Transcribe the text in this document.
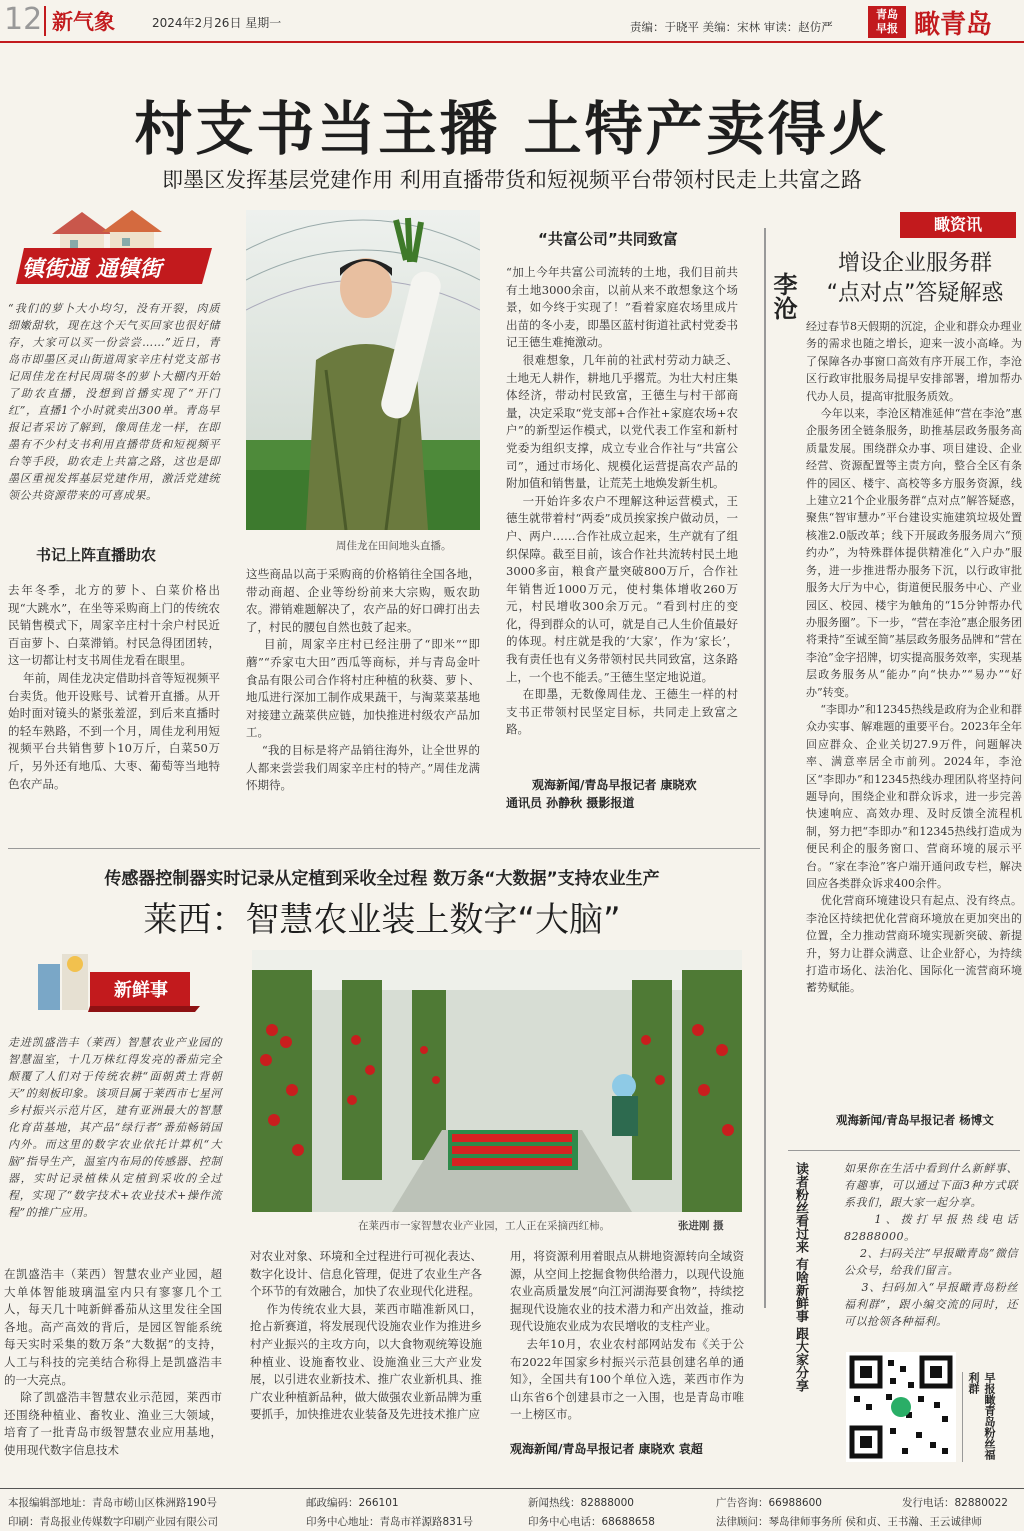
12 新气象	2024年2月26日 星期一	责编：于晓平 美编：宋林 审读：赵仿严
青岛
早报 瞰青岛
村支书当主播 土特产卖得火
即墨区发挥基层党建作用 利用直播带货和短视频平台带领村民走上共富之路
镇街通 通镇街
“我们的萝卜大小均匀，没有开裂，肉质细嫩甜软，现在这个天气买回家也很好储存，大家可以买一份尝尝……”近日，青岛市即墨区灵山街道周家辛庄村党支部书记周佳龙在村民周瑞冬的萝卜大棚内开始了助农直播，没想到首播实现了“开门红”，直播1个小时就卖出300单。青岛早报记者采访了解到，像周佳龙一样，在即墨有不少村支书利用直播带货和短视频平台等手段，助农走上共富之路，这也是即墨区重视发挥基层党建作用，激活党建统领公共资源带来的可喜成果。
书记上阵直播助农
去年冬季，北方的萝卜、白菜价格出现“大跳水”，在坐等采购商上门的传统农民销售模式下，周家辛庄村十余户村民近百亩萝卜、白菜滞销。村民急得团团转，这一切都让村支书周佳龙看在眼里。
年前，周佳龙决定借助抖音等短视频平台卖货。他开设账号、试着开直播。从开始时面对镜头的紧张羞涩，到后来直播时的轻车熟路，不到一个月，周佳龙利用短视频平台共销售萝卜10万斤，白菜50万斤，另外还有地瓜、大枣、葡萄等当地特色农产品。
周佳龙在田间地头直播。
这些商品以高于采购商的价格销往全国各地，带动商超、企业等纷纷前来大宗购，贩农助农。滞销难题解决了，农产品的好口碑打出去了，村民的腰包自然也鼓了起来。
目前，周家辛庄村已经注册了“即米”“即蘑”“乔家屯大田”西瓜等商标，并与青岛金叶食品有限公司合作将村庄种植的秋葵、萝卜、地瓜进行深加工制作成果蔬干，与淘菜菜基地对接建立蔬菜供应链，加快推进村级农产品加工。
“我的目标是将产品销往海外，让全世界的人都来尝尝我们周家辛庄村的特产。”周佳龙满怀期待。
“共富公司”共同致富
“加上今年共富公司流转的土地，我们目前共有土地3000余亩，以前从来不敢想象这个场景，如今终于实现了！”看着家庭农场里成片出苗的冬小麦，即墨区蓝村街道社武村党委书记王德生难掩激动。
很难想象，几年前的社武村劳动力缺乏、土地无人耕作，耕地几乎撂荒。为壮大村庄集体经济，带动村民致富，王德生与村干部商量，决定采取“党支部+合作社+家庭农场+农户”的新型运作模式，以党代表工作室和新村党委为组织支撑，成立专业合作社与“共富公司”，通过市场化、规模化运营提高农产品的附加值和销售量，让荒芜土地焕发新生机。
一开始许多农户不理解这种运营模式，王德生就带着村“两委”成员挨家挨户做动员，一户、两户……合作社成立起来，生产就有了组织保障。截至目前，该合作社共流转村民土地3000多亩，粮食产量突破800万斤，合作社年销售近1000万元，使村集体增收260万元，村民增收300余万元。“看到村庄的变化，得到群众的认可，就是自己人生价值最好的体现。村庄就是我的‘大家’，作为‘家长’，我有责任也有义务带领村民共同致富，这条路上，一个也不能丢。”王德生坚定地说道。
在即墨，无数像周佳龙、王德生一样的村支书正带领村民坚定目标，共同走上致富之路。
观海新闻/青岛早报记者 康晓欢
通讯员 孙静秋 摄影报道
瞰资讯
李沧
增设企业服务群
“点对点”答疑解惑
经过春节8天假期的沉淀，企业和群众办理业务的需求也随之增长，迎来一波小高峰。为了保障各办事窗口高效有序开展工作，李沧区行政审批服务局提早安排部署，增加帮办代办人员，提高审批服务质效。
今年以来，李沧区精准延伸“营在李沧”惠企服务团全链条服务，助推基层政务服务高质量发展。围绕群众办事、项目建设、企业经营、资源配置等主责方向，整合全区有条件的园区、楼宇、高校等多方服务资源，线上建立21个企业服务群“点对点”解答疑惑，聚焦“智审慧办”平台建设实施建筑垃圾处置核准2.0版改革；线下开展政务服务周六“预约办”，为特殊群体提供精准化“入户办”服务，进一步推进帮办服务下沉，以行政审批服务大厅为中心，街道便民服务中心、产业园区、校园、楼宇为触角的“15分钟帮办代办服务圈”。下一步，“营在李沧”惠企服务团将秉持“至诚至简”基层政务服务品牌和“营在李沧”金字招牌，切实提高服务效率，实现基层政务服务从“能办”向“快办”“易办”“好办”转变。
“李即办”和12345热线是政府为企业和群众办实事、解难题的重要平台。2023年全年回应群众、企业关切27.9万件，问题解决率、满意率居全市前列。2024年，李沧区“李即办”和12345热线办理团队将坚持问题导向，围绕企业和群众诉求，进一步完善快速响应、高效办理、及时反馈全流程机制，努力把“李即办”和12345热线打造成为便民利企的服务窗口、营商环境的展示平台。“家在李沧”客户端开通问政专栏，解决回应各类群众诉求400余件。
优化营商环境建设只有起点、没有终点。李沧区持续把优化营商环境放在更加突出的位置，全力推动营商环境实现新突破、新提升，努力让群众满意、让企业舒心，为持续打造市场化、法治化、国际化一流营商环境蓄势赋能。
观海新闻/青岛早报记者 杨博文
传感器控制器实时记录从定植到采收全过程 数万条“大数据”支持农业生产
莱西：智慧农业装上数字“大脑”
新鲜事
走进凯盛浩丰（莱西）智慧农业产业园的智慧温室，十几万株红得发亮的番茄完全颠覆了人们对于传统农耕“面朝黄土背朝天”的刻板印象。该项目属于莱西市七星河乡村振兴示范片区，建有亚洲最大的智慧化育苗基地，其产品“绿行者”番茄畅销国内外。而这里的数字农业依托计算机“大脑”指导生产，温室内布局的传感器、控制器，实时记录植株从定植到采收的全过程，实现了“数字技术+农业技术+操作流程”的推广应用。
在莱西市一家智慧农业产业园，工人正在采摘西红柿。	张进刚 摄
在凯盛浩丰（莱西）智慧农业产业园，超大单体智能玻璃温室内只有寥寥几个工人，每天几十吨新鲜番茄从这里发往全国各地。高产高效的背后，是园区智能系统每天实时采集的数万条“大数据”的支持，人工与科技的完美结合称得上是凯盛浩丰的一大亮点。
除了凯盛浩丰智慧农业示范园，莱西市还围绕种植业、畜牧业、渔业三大领域，培育了一批青岛市级智慧农业应用基地，使用现代数字信息技术
对农业对象、环境和全过程进行可视化表达、数字化设计、信息化管理，促进了农业生产各个环节的有效融合，加快了农业现代化进程。
作为传统农业大县，莱西市瞄准新风口，抢占新赛道，将发展现代设施农业作为推进乡村产业振兴的主攻方向，以大食物观统筹设施种植业、设施畜牧业、设施渔业三大产业发展，以引进农业新技术、推广农业新机具、推广农业种植新品种，做大做强农业新品牌为重要抓手，加快推进农业装备及先进技术推广应
用，将资源利用着眼点从耕地资源转向全域资源，从空间上挖掘食物供给潜力，以现代设施农业高质量发展“向江河湖海要食物”，持续挖掘现代设施农业的技术潜力和产出效益，推动现代设施农业成为农民增收的支柱产业。
去年10月，农业农村部网站发布《关于公布2022年国家乡村振兴示范县创建名单的通知》，全国共有100个单位入选，莱西市作为山东省6个创建县市之一入围，也是青岛市唯一上榜区市。
观海新闻/青岛早报记者 康晓欢 袁超
读者粉丝看过来 有啥新鲜事 跟大家分享	如果你在生活中看到什么新鲜事、有趣事，可以通过下面3种方式联系我们，跟大家一起分享。
1、拨打早报热线电话82888000。
2、扫码关注“早报瞰青岛”微信公众号，给我们留言。
3、扫码加入“早报瞰青岛粉丝福利群”，跟小编交流的同时，还可以抢领各种福利。
早报瞰青岛粉丝福利群
本报编辑部地址：青岛市崂山区株洲路190号	邮政编码：266101	新闻热线：82888000	广告咨询：66988600	发行电话：82880022
印刷：青岛报业传媒数字印刷产业园有限公司	印务中心地址：青岛市祥源路831号	印务中心电话：68688658	法律顾问：琴岛律师事务所 侯和贞、王书瀚、王云诚律师
